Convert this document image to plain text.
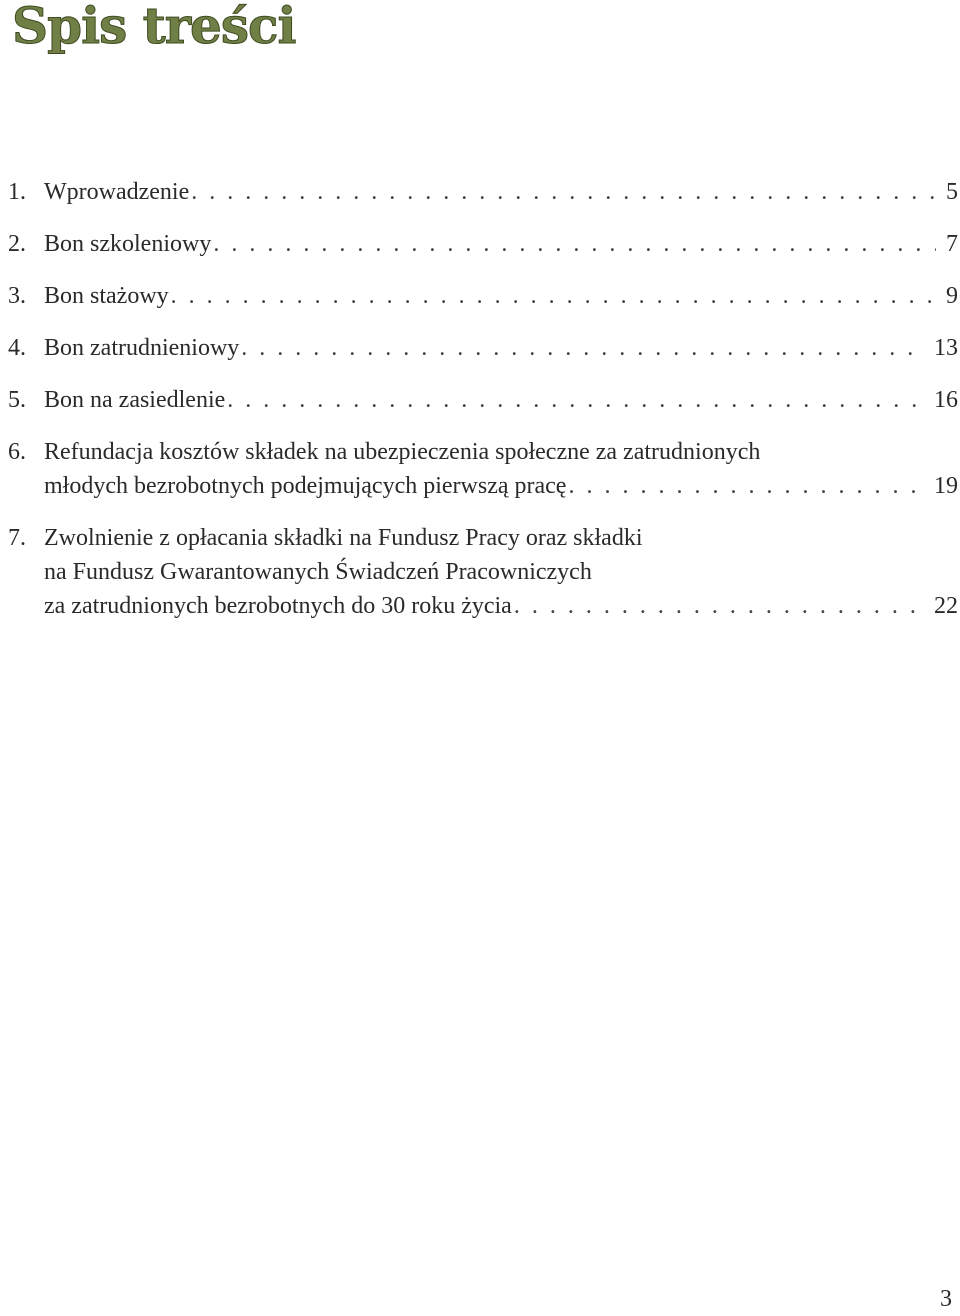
Spis treści
1. Wprowadzenie . . .	5
2. Bon szkoleniowy . . .	7
3. Bon stażowy . . .	9
4. Bon zatrudnieniowy . . .	13
5. Bon na zasiedlenie . . .	16
6. Refundacja kosztów składek na ubezpieczenia społeczne za zatrudnionych
młodych bezrobotnych podejmujących pierwszą pracę . . .	19
7. Zwolnienie z opłacania składki na Fundusz Pracy oraz składki
na Fundusz Gwarantowanych Świadczeń Pracowniczych
za zatrudnionych bezrobotnych do 30 roku życia . . .	22
3
